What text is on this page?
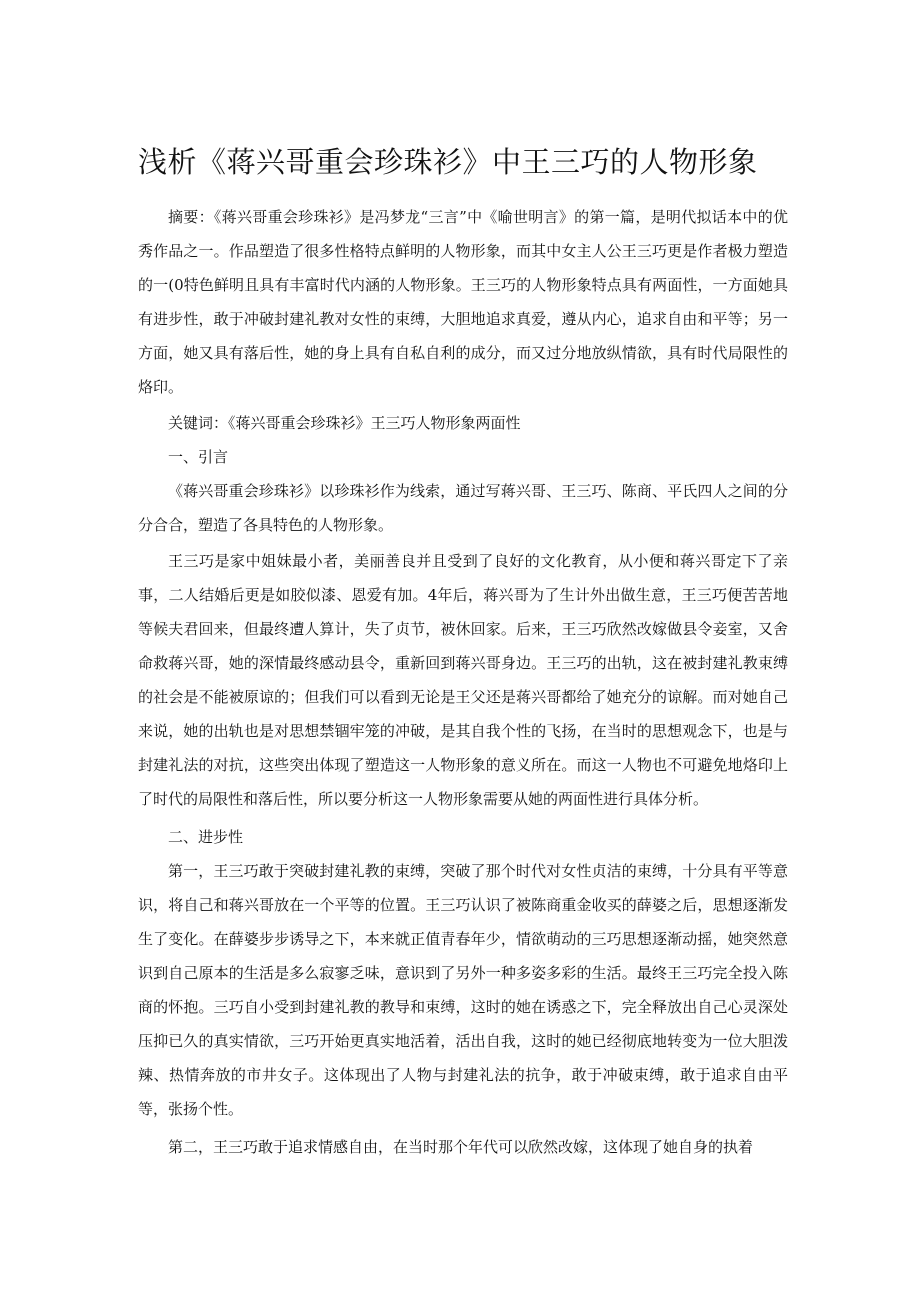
浅析《蒋兴哥重会珍珠衫》中王三巧的人物形象

摘要：《蒋兴哥重会珍珠衫》是冯梦龙“三言”中《喻世明言》的第一篇，是明代拟话本中的优秀作品之一。作品塑造了很多性格特点鲜明的人物形象，而其中女主人公王三巧更是作者极力塑造的一(0特色鲜明且具有丰富时代内涵的人物形象。王三巧的人物形象特点具有两面性，一方面她具有进步性，敢于冲破封建礼教对女性的束缚，大胆地追求真爱，遵从内心，追求自由和平等；另一方面，她又具有落后性，她的身上具有自私自利的成分，而又过分地放纵情欲，具有时代局限性的烙印。

关键词：《蒋兴哥重会珍珠衫》王三巧人物形象两面性

一、引言

《蒋兴哥重会珍珠衫》以珍珠衫作为线索，通过写蒋兴哥、王三巧、陈商、平氏四人之间的分分合合，塑造了各具特色的人物形象。

王三巧是家中姐妹最小者，美丽善良并且受到了良好的文化教育，从小便和蒋兴哥定下了亲事，二人结婚后更是如胶似漆、恩爱有加。4年后，蒋兴哥为了生计外出做生意，王三巧便苦苦地等候夫君回来，但最终遭人算计，失了贞节，被休回家。后来，王三巧欣然改嫁做县令妾室，又舍命救蒋兴哥，她的深情最终感动县令，重新回到蒋兴哥身边。王三巧的出轨，这在被封建礼教束缚的社会是不能被原谅的；但我们可以看到无论是王父还是蒋兴哥都给了她充分的谅解。而对她自己来说，她的出轨也是对思想禁锢牢笼的冲破，是其自我个性的飞扬，在当时的思想观念下，也是与封建礼法的对抗，这些突出体现了塑造这一人物形象的意义所在。而这一人物也不可避免地烙印上了时代的局限性和落后性，所以要分析这一人物形象需要从她的两面性进行具体分析。

二、进步性

第一，王三巧敢于突破封建礼教的束缚，突破了那个时代对女性贞洁的束缚，十分具有平等意识，将自己和蒋兴哥放在一个平等的位置。王三巧认识了被陈商重金收买的薛婆之后，思想逐渐发生了变化。在薛婆步步诱导之下，本来就正值青春年少，情欲萌动的三巧思想逐渐动摇，她突然意识到自己原本的生活是多么寂寥乏味，意识到了另外一种多姿多彩的生活。最终王三巧完全投入陈商的怀抱。三巧自小受到封建礼教的教导和束缚，这时的她在诱惑之下，完全释放出自己心灵深处压抑已久的真实情欲，三巧开始更真实地活着，活出自我，这时的她已经彻底地转变为一位大胆泼辣、热情奔放的市井女子。这体现出了人物与封建礼法的抗争，敢于冲破束缚，敢于追求自由平等，张扬个性。

第二，王三巧敢于追求情感自由，在当时那个年代可以欣然改嫁，这体现了她自身的执着
